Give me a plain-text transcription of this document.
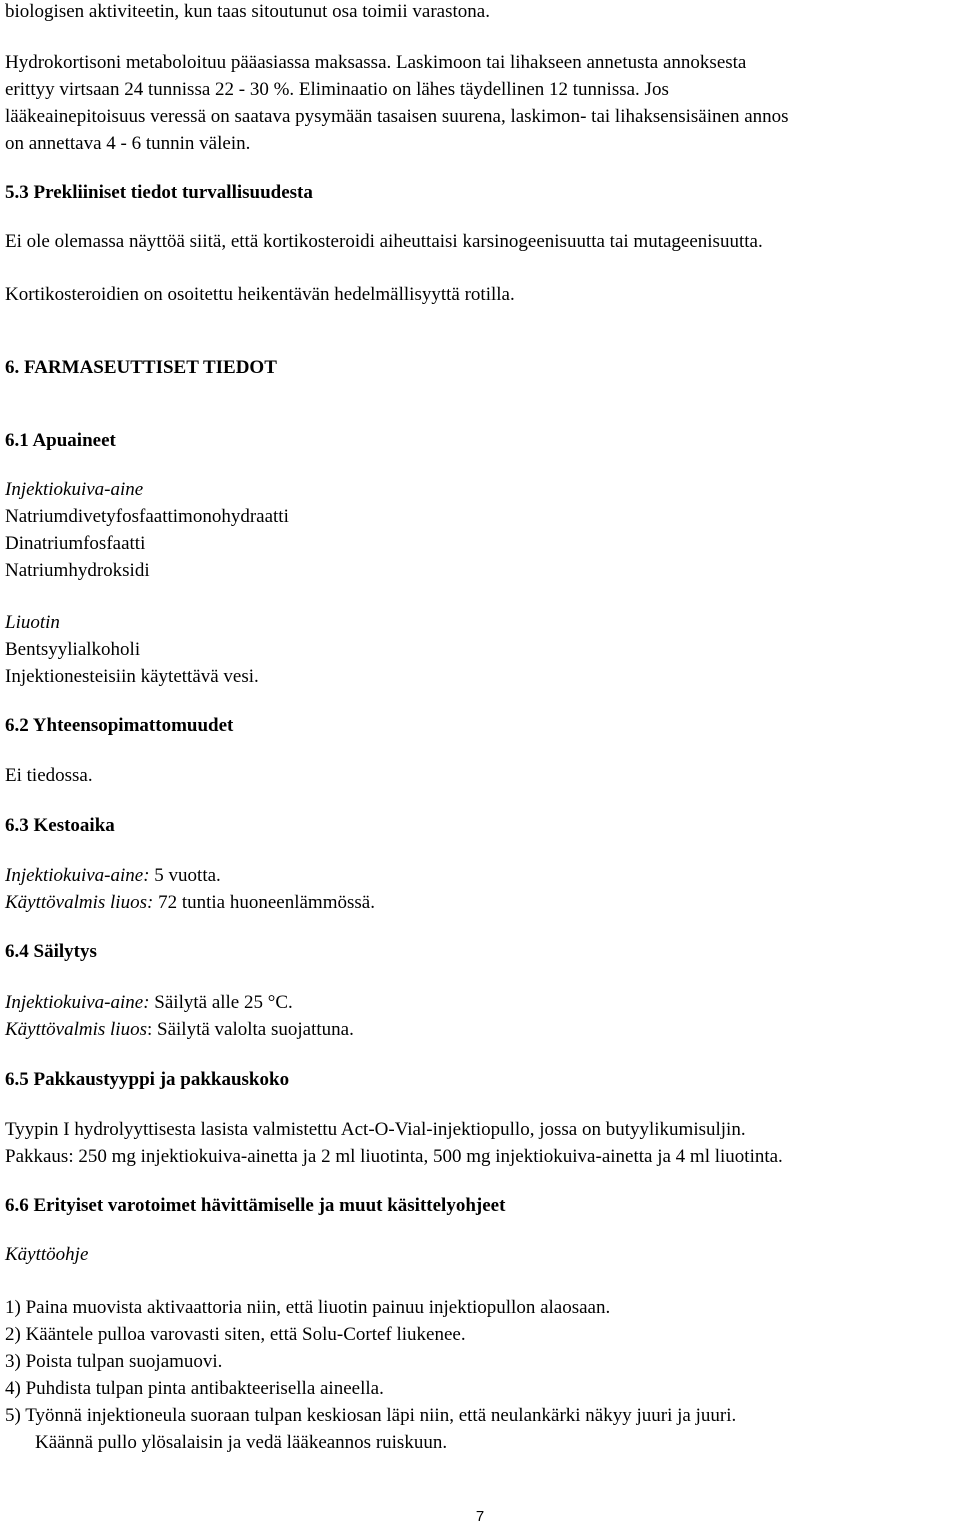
biologisen aktiviteetin, kun taas sitoutunut osa toimii varastona.
Hydrokortisoni metaboloituu pääasiassa maksassa. Laskimoon tai lihakseen annetusta annoksesta
erittyy virtsaan 24 tunnissa 22 - 30 %. Eliminaatio on lähes täydellinen 12 tunnissa. Jos
lääkeainepitoisuus veressä on saatava pysymään tasaisen suurena, laskimon- tai lihaksensisäinen annos
on annettava 4 - 6 tunnin välein.
5.3 Prekliiniset tiedot turvallisuudesta
Ei ole olemassa näyttöä siitä, että kortikosteroidi aiheuttaisi karsinogeenisuutta tai mutageenisuutta.
Kortikosteroidien on osoitettu heikentävän hedelmällisyyttä rotilla.
6. FARMASEUTTISET TIEDOT
6.1 Apuaineet
Injektiokuiva-aine
Natriumdivetyfosfaattimonohydraatti
Dinatriumfosfaatti
Natriumhydroksidi
Liuotin
Bentsyylialkoholi
Injektionesteisiin käytettävä vesi.
6.2 Yhteensopimattomuudet
Ei tiedossa.
6.3 Kestoaika
Injektiokuiva-aine: 5 vuotta.
Käyttövalmis liuos: 72 tuntia huoneenlämmössä.
6.4 Säilytys
Injektiokuiva-aine: Säilytä alle 25 °C.
Käyttövalmis liuos: Säilytä valolta suojattuna.
6.5 Pakkaustyyppi ja pakkauskoko
Tyypin I hydrolyyttisesta lasista valmistettu Act-O-Vial-injektiopullo, jossa on butyylikumisuljin.
Pakkaus: 250 mg injektiokuiva-ainetta ja 2 ml liuotinta, 500 mg injektiokuiva-ainetta ja 4 ml liuotinta.
6.6 Erityiset varotoimet hävittämiselle ja muut käsittelyohjeet
Käyttöohje
1) Paina muovista aktivaattoria niin, että liuotin painuu injektiopullon alaosaan.
2) Kääntele pulloa varovasti siten, että Solu-Cortef liukenee.
3) Poista tulpan suojamuovi.
4) Puhdista tulpan pinta antibakteerisella aineella.
5) Työnnä injektioneula suoraan tulpan keskiosan läpi niin, että neulankärki näkyy juuri ja juuri.
Käännä pullo ylösalaisin ja vedä lääkeannos ruiskuun.
7
